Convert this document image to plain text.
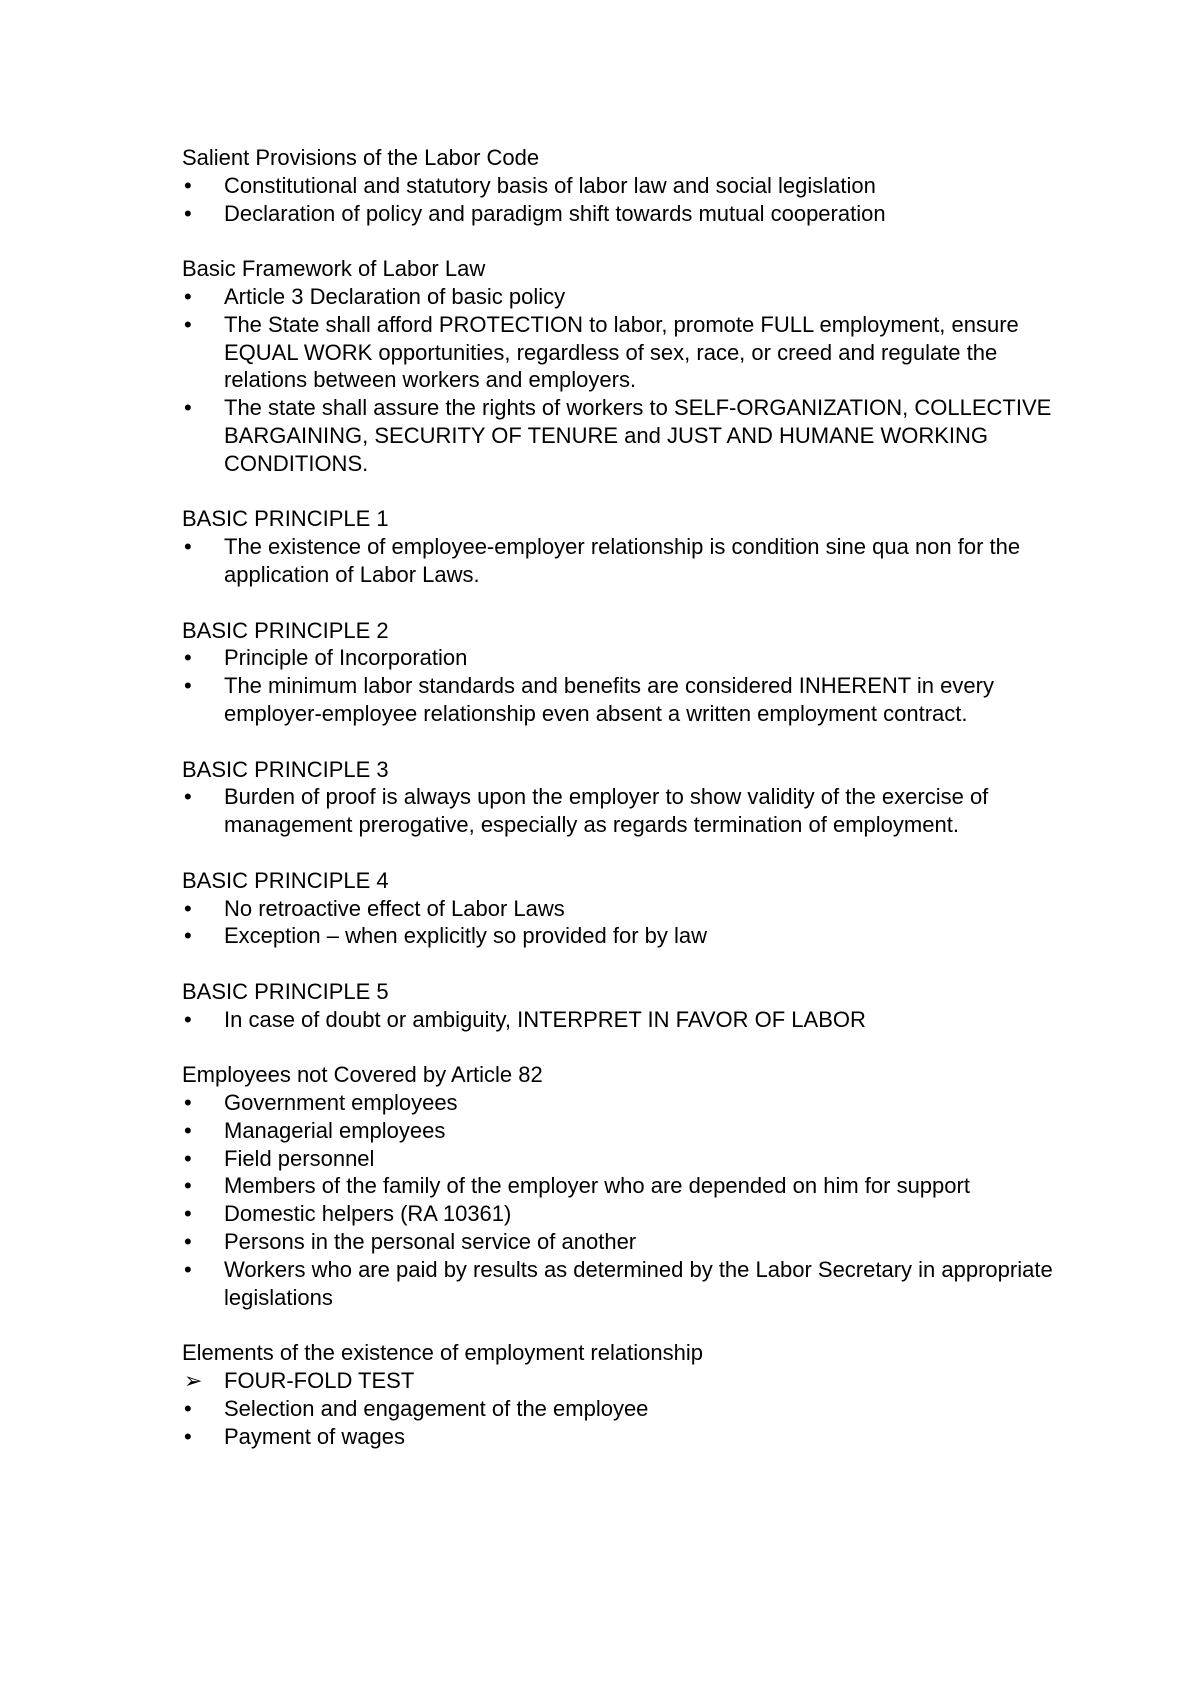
Salient Provisions of the Labor Code
•	Constitutional and statutory basis of labor law and social legislation
•	Declaration of policy and paradigm shift towards mutual cooperation
Basic Framework of Labor Law
•	Article 3 Declaration of basic policy
•	The State shall afford PROTECTION to labor, promote FULL employment, ensure EQUAL WORK opportunities, regardless of sex, race, or creed and regulate the relations between workers and employers.
•	The state shall assure the rights of workers to SELF-ORGANIZATION, COLLECTIVE BARGAINING, SECURITY OF TENURE and JUST AND HUMANE WORKING CONDITIONS.
BASIC PRINCIPLE 1
•	The existence of employee-employer relationship is condition sine qua non for the application of Labor Laws.
BASIC PRINCIPLE 2
•	Principle of Incorporation
•	The minimum labor standards and benefits are considered INHERENT in every employer-employee relationship even absent a written employment contract.
BASIC PRINCIPLE 3
•	Burden of proof is always upon the employer to show validity of the exercise of management prerogative, especially as regards termination of employment.
BASIC PRINCIPLE 4
•	No retroactive effect of Labor Laws
•	Exception – when explicitly so provided for by law
BASIC PRINCIPLE 5
•	In case of doubt or ambiguity, INTERPRET IN FAVOR OF LABOR
Employees not Covered by Article 82
•	Government employees
•	Managerial employees
•	Field personnel
•	Members of the family of the employer who are depended on him for support
•	Domestic helpers (RA 10361)
•	Persons in the personal service of another
•	Workers who are paid by results as determined by the Labor Secretary in appropriate legislations
Elements of the existence of employment relationship
➢ FOUR-FOLD TEST
•	Selection and engagement of the employee
•	Payment of wages
